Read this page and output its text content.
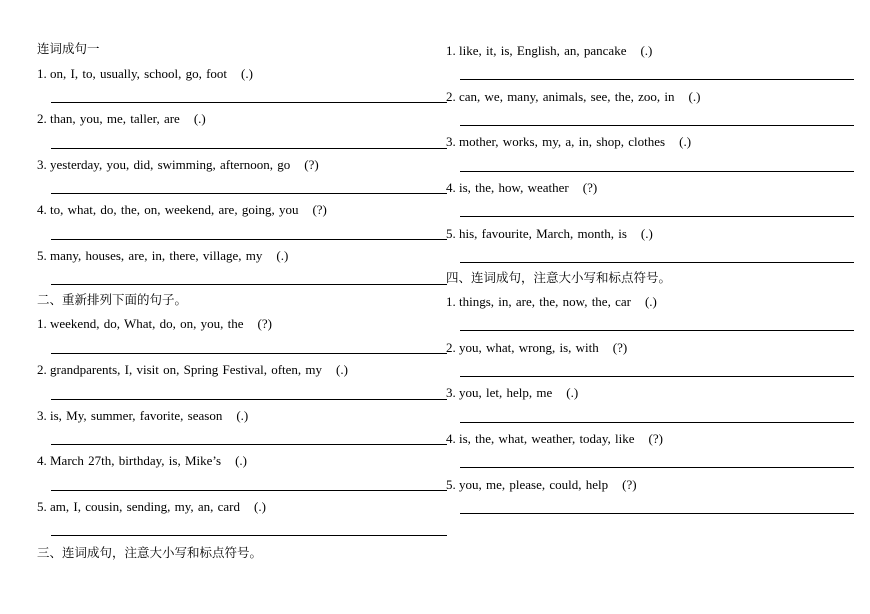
连词成句一
1. on, I, to, usually, school, go, foot (.)
2. than, you, me, taller, are (.)
3. yesterday, you, did, swimming, afternoon, go (?)
4. to, what, do, the, on, weekend, are, going, you (?)
5. many, houses, are, in, there, village, my (.)
二、重新排列下面的句子。
1. weekend, do, What, do, on, you, the (?)
2. grandparents, I, visit on, Spring Festival, often, my (.)
3. is, My, summer, favorite, season (.)
4. March 27th, birthday, is, Mike’s (.)
5. am, I, cousin, sending, my, an, card (.)
三、连词成句，注意大小写和标点符号。
1. like, it, is, English, an, pancake (.)
2. can, we, many, animals, see, the, zoo, in (.)
3. mother, works, my, a, in, shop, clothes (.)
4. is, the, how, weather (?)
5. his, favourite, March, month, is (.)
四、连词成句，注意大小写和标点符号。
1. things, in, are, the, now, the, car (.)
2. you, what, wrong, is, with (?)
3. you, let, help, me (.)
4. is, the, what, weather, today, like (?)
5. you, me, please, could, help (?)
